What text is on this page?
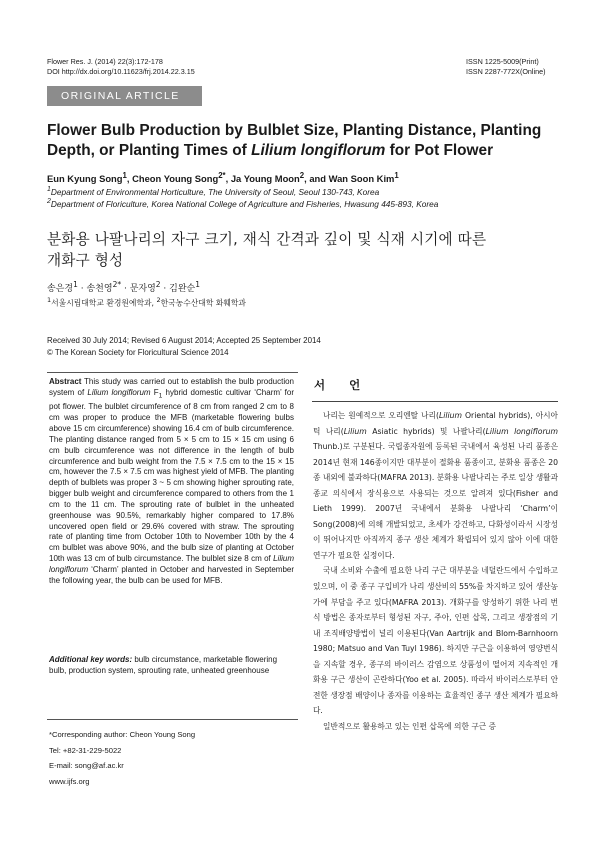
Flower Res. J. (2014) 22(3):172-178
DOI http://dx.doi.org/10.11623/frj.2014.22.3.15
ISSN 1225-5009(Print)
ISSN 2287-772X(Online)
ORIGINAL ARTICLE
Flower Bulb Production by Bulblet Size, Planting Distance, Planting Depth, or Planting Times of Lilium longiflorum for Pot Flower
Eun Kyung Song$^1$, Cheon Young Song$^{2*}$, Ja Young Moon$^2$, and Wan Soon Kim$^1$
$^1$Department of Environmental Horticulture, The University of Seoul, Seoul 130-743, Korea
$^2$Department of Floriculture, Korea National College of Agriculture and Fisheries, Hwasung 445-893, Korea
분화용 나팔나리의 자구 크기, 재식 간격과 깊이 및 식재 시기에 따른
개화구 형성
송은경$^1$ · 송천영$^{2*}$ · 문자영$^2$ · 김완순$^1$
$^1$서울시립대학교 환경원예학과, $^2$한국농수산대학 화훼학과
Received 30 July 2014; Revised 6 August 2014; Accepted 25 September 2014
© The Korean Society for Floricultural Science 2014
Abstract This study was carried out to establish the bulb production system of Lilium longiflorum $F_1$ hybrid domestic cultivar ‘Charm’ for pot flower. The bulblet circumference of 8 cm from ranged 2 cm to 8 cm was proper to produce the MFB (marketable flowering bulbs above 15 cm circumference) showing 16.4 cm of bulb circumference. The planting distance ranged from 5 × 5 cm to 15 × 15 cm using 6 cm bulb circumference was not difference in the length of bulb circumference and bulb weight from the 7.5 × 7.5 cm to the 15 × 15 cm, however the 7.5 × 7.5 cm was highest yield of MFB. The planting depth of bulblets was proper 3 ~ 5 cm showing higher sprouting rate, bigger bulb weight and circumference compared to others from the 1 cm to the 11 cm. The sprouting rate of bulblet in the unheated greenhouse was 90.5%, remarkably higher compared to 17.8% uncovered open field or 29.6% covered with straw. The sprouting rate of planting time from October 10th to November 10th by the 4 cm bulblet was above 90%, and the bulb size of planting at October 10th was 13 cm of bulb circumstance. The bulblet size 8 cm of Lilium longiflorum ‘Charm’ planted in October and harvested in September the following year, the bulb can be used for MFB.
Additional key words: bulb circumstance, marketable flowering bulb, production system, sprouting rate, unheated greenhouse
*Corresponding author: Cheon Young Song
Tel: +82-31-229-5022
E-mail: song@af.ac.kr
www.ijfs.org
서 언

나리는 원예적으로 오리엔탈 나리(Lilium Oriental hybrids), 아시아틱 나리(Lilium Asiatic hybrids) 및 나팔나리(Lilium longiflorum Thunb.)로 구분된다. 국립종자원에 등록된 국내에서 육성된 나리 품종은 2014년 현재 146종이지만 대부분이 절화용 품종이고, 분화용 품종은 20종 내외에 불과하다(MAFRA 2013). 분화용 나팔나리는 주로 일상 생활과 종교 의식에서 장식용으로 사용되는 것으로 알려져 있다(Fisher and Lieth 1999). 2007년 국내에서 분화용 나팔나리 ‘Charm’이 Song(2008)에 의해 개발되었고, 초세가 강건하고, 다화성이라서 시장성이 뛰어나지만 아직까지 종구 생산 체계가 확립되어 있지 않아 이에 대한 연구가 필요한 실정이다.

국내 소비와 수출에 필요한 나리 구근 대부분을 네덜란드에서 수입하고 있으며, 이 중 종구 구입비가 나리 생산비의 55%를 차지하고 있어 생산농가에 부담을 주고 있다(MAFRA 2013). 개화구를 양성하기 위한 나리 번식 방법은 종자로부터 형성된 자구, 주아, 인편 삽목, 그리고 생장점의 기내 조직배양방법이 널리 이용된다(Van Aartrijk and Blom-Barnhoorn 1980; Matsuo and Van Tuyl 1986). 하지만 구근을 이용하여 영양번식을 지속할 경우, 종구의 바이러스 감염으로 상품성이 떨어져 지속적인 개화용 구근 생산이 곤란하다(Yoo et al. 2005). 따라서 바이러스로부터 안전한 생장점 배양이나 종자를 이용하는 효율적인 종구 생산 체계가 필요하다.

일반적으로 활용하고 있는 인편 삽목에 의한 구근 증
